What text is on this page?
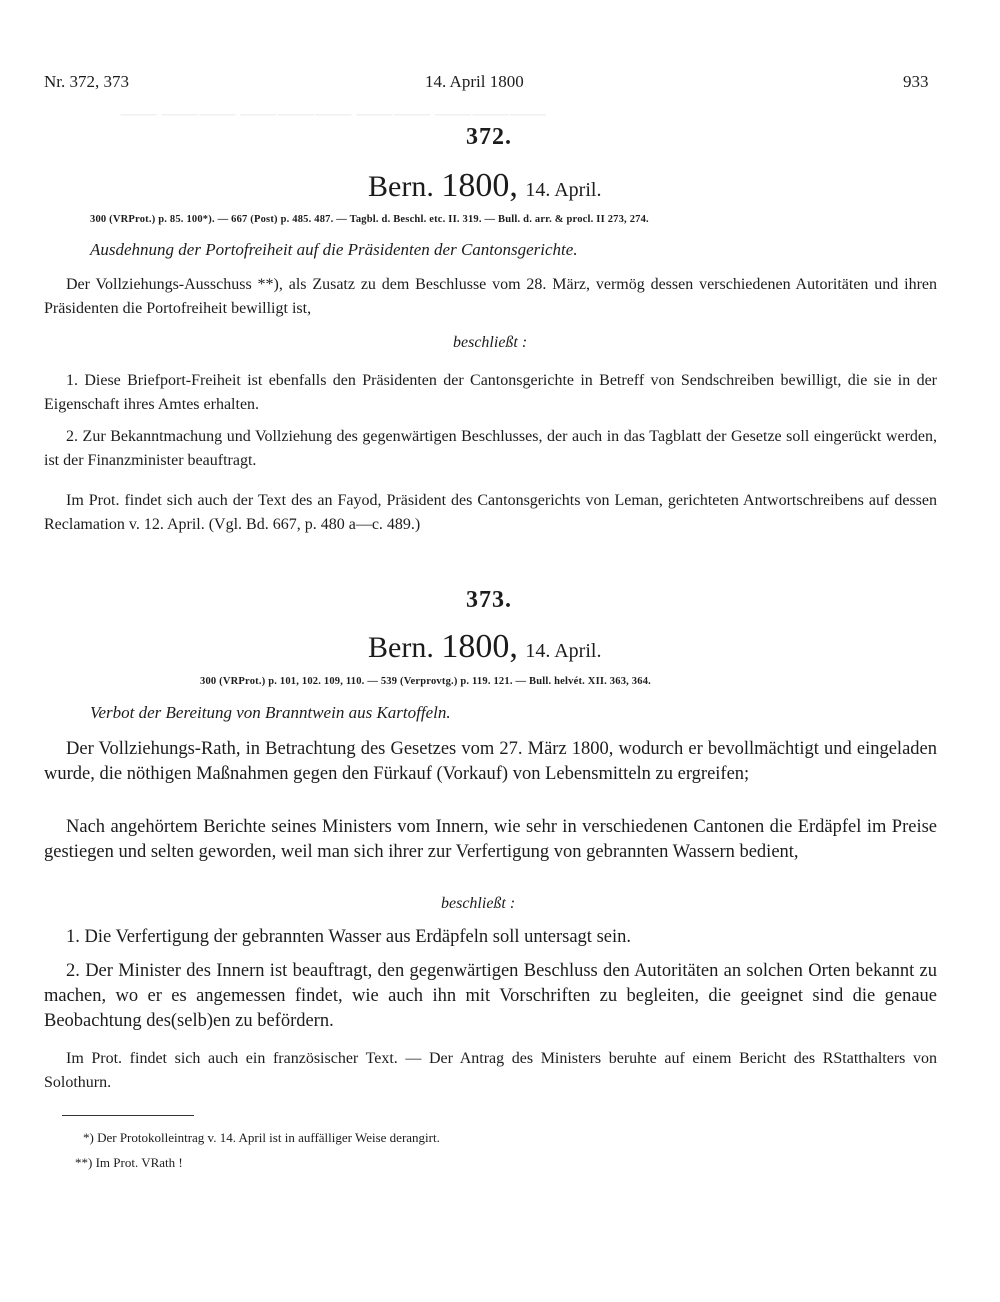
⸻ ⸻⸻ ⸻⸻⸻ ⸻⸻ ⸻⸻⸻
Nr. 372, 373	14. April 1800	933
372.
Bern. 1800, 14. April.
300 (VRProt.) p. 85. 100*). — 667 (Post) p. 485. 487. — Tagbl. d. Beschl. etc. II. 319. — Bull. d. arr. & procl. II 273, 274.
Ausdehnung der Portofreiheit auf die Präsidenten der Cantonsgerichte.
Der Vollziehungs-Ausschuss **), als Zusatz zu dem Beschlusse vom 28. März, vermög dessen verschiedenen Autoritäten und ihren Präsidenten die Portofreiheit bewilligt ist,
beschließt :
1. Diese Briefport-Freiheit ist ebenfalls den Präsidenten der Cantonsgerichte in Betreff von Sendschreiben bewilligt, die sie in der Eigenschaft ihres Amtes erhalten.
2. Zur Bekanntmachung und Vollziehung des gegenwärtigen Beschlusses, der auch in das Tagblatt der Gesetze soll eingerückt werden, ist der Finanzminister beauftragt.
Im Prot. findet sich auch der Text des an Fayod, Präsident des Cantonsgerichts von Leman, gerichteten Antwortschreibens auf dessen Reclamation v. 12. April. (Vgl. Bd. 667, p. 480 a—c. 489.)
373.
Bern. 1800, 14. April.
300 (VRProt.) p. 101, 102. 109, 110. — 539 (Verprovtg.) p. 119. 121. — Bull. helvét. XII. 363, 364.
Verbot der Bereitung von Branntwein aus Kartoffeln.
Der Vollziehungs-Rath, in Betrachtung des Gesetzes vom 27. März 1800, wodurch er bevollmächtigt und eingeladen wurde, die nöthigen Maßnahmen gegen den Fürkauf (Vorkauf) von Lebensmitteln zu ergreifen;
Nach angehörtem Berichte seines Ministers vom Innern, wie sehr in verschiedenen Cantonen die Erdäpfel im Preise gestiegen und selten geworden, weil man sich ihrer zur Verfertigung von gebrannten Wassern bedient,
beschließt :
1. Die Verfertigung der gebrannten Wasser aus Erdäpfeln soll untersagt sein.
2. Der Minister des Innern ist beauftragt, den gegenwärtigen Beschluss den Autoritäten an solchen Orten bekannt zu machen, wo er es angemessen findet, wie auch ihn mit Vorschriften zu begleiten, die geeignet sind die genaue Beobachtung des(selb)en zu befördern.
Im Prot. findet sich auch ein französischer Text. — Der Antrag des Ministers beruhte auf einem Bericht des RStatthalters von Solothurn.
*) Der Protokolleintrag v. 14. April ist in auffälliger Weise derangirt.
**) Im Prot. VRath !
